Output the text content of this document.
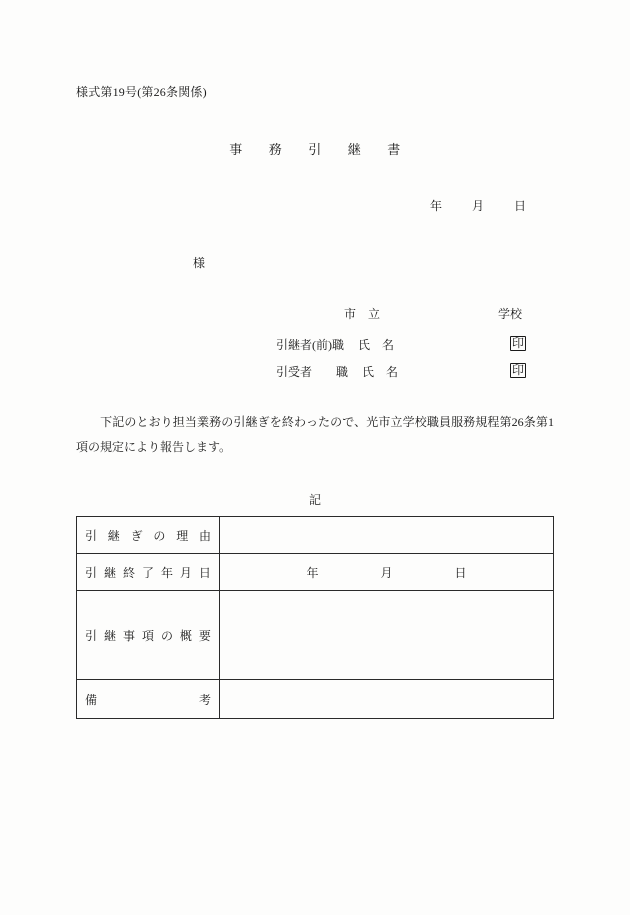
様式第19号(第26条関係)
事 務 引 継 書
年	月	日
様
市 立	学校
引継者(前)職 氏　名	印
引受者　　職 氏　名	印
下記のとおり担当業務の引継ぎを終わったので、光市立学校職員服務規程第26条第1項の規定により報告します。
記
引 継 ぎ の 理 由

引 継 終 了 年 月 日	年	月	日

引 継 事 項 の 概 要

備 考	
